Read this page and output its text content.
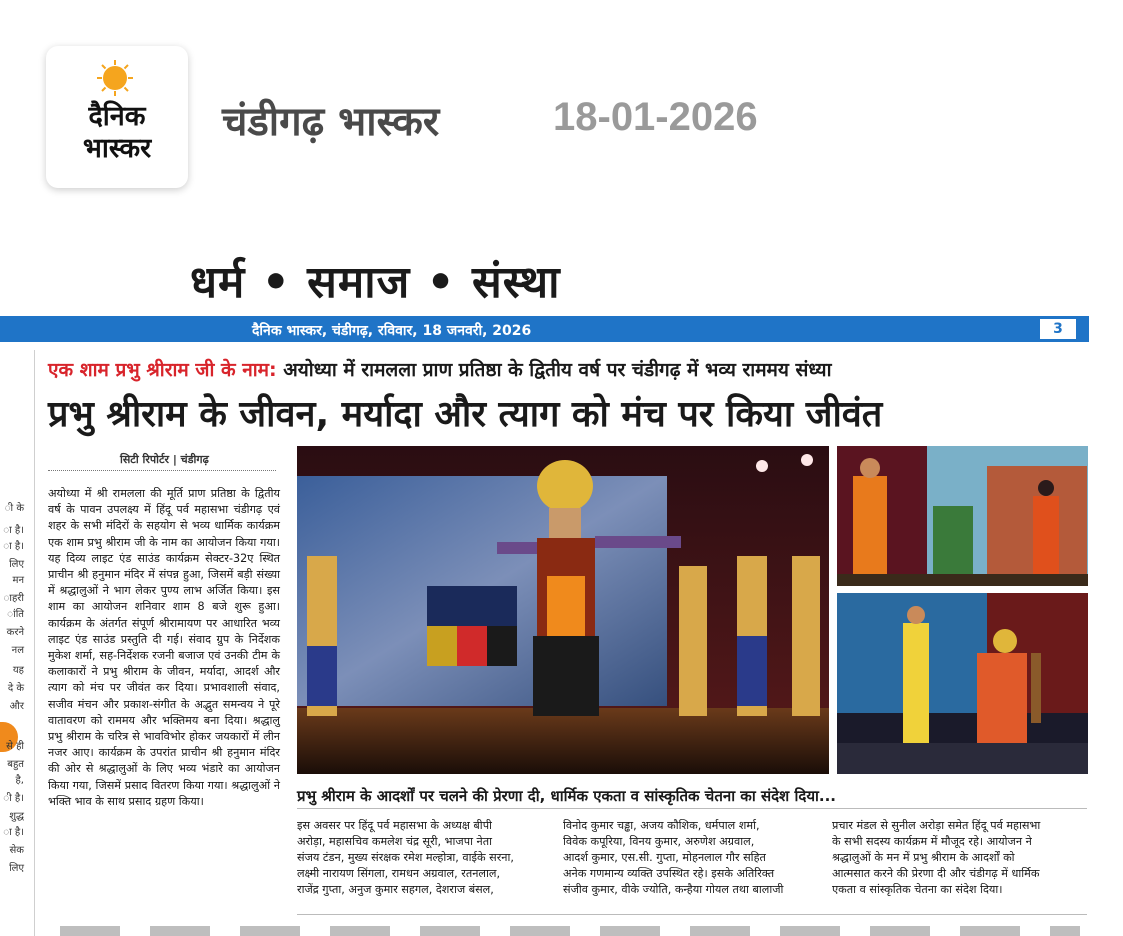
दैनिक
भास्कर
चंडीगढ़ भास्कर	18-01-2026
धर्म • समाज • संस्था
दैनिक भास्कर, चंडीगढ़, रविवार, 18 जनवरी, 2026	3
ी के
ा है।
ा है।
लिए
मन
ाहरी
ांति
करने
नल
यह
दे के
और
से ही
बहुत
है,
ी है।
शुद्ध
ा है।
सेक
लिए
एक शाम प्रभु श्रीराम जी के नाम: अयोध्या में रामलला प्राण प्रतिष्ठा के द्वितीय वर्ष पर चंडीगढ़ में भव्य राममय संध्या
प्रभु श्रीराम के जीवन, मर्यादा और त्याग को मंच पर किया जीवंत
सिटी रिपोर्टर | चंडीगढ़
अयोध्या में श्री रामलला की मूर्ति प्राण प्रतिष्ठा के द्वितीय वर्ष के पावन उपलक्ष्य में हिंदू पर्व महासभा चंडीगढ़ एवं शहर के सभी मंदिरों के सहयोग से भव्य धार्मिक कार्यक्रम एक शाम प्रभु श्रीराम जी के नाम का आयोजन किया गया। यह दिव्य लाइट एंड साउंड कार्यक्रम सेक्टर-32ए स्थित प्राचीन श्री हनुमान मंदिर में संपन्न हुआ, जिसमें बड़ी संख्या में श्रद्धालुओं ने भाग लेकर पुण्य लाभ अर्जित किया। इस शाम का आयोजन शनिवार शाम 8 बजे शुरू हुआ। कार्यक्रम के अंतर्गत संपूर्ण श्रीरामायण पर आधारित भव्य लाइट एंड साउंड प्रस्तुति दी गई। संवाद ग्रुप के निर्देशक मुकेश शर्मा, सह-निर्देशक रजनी बजाज एवं उनकी टीम के कलाकारों ने प्रभु श्रीराम के जीवन, मर्यादा, आदर्श और त्याग को मंच पर जीवंत कर दिया। प्रभावशाली संवाद, सजीव मंचन और प्रकाश-संगीत के अद्भुत समन्वय ने पूरे वातावरण को राममय और भक्तिमय बना दिया। श्रद्धालु प्रभु श्रीराम के चरित्र से भावविभोर होकर जयकारों में लीन नजर आए। कार्यक्रम के उपरांत प्राचीन श्री हनुमान मंदिर की ओर से श्रद्धालुओं के लिए भव्य भंडारे का आयोजन किया गया, जिसमें प्रसाद वितरण किया गया। श्रद्धालुओं ने भक्ति भाव के साथ प्रसाद ग्रहण किया।	प्रभु श्रीराम के आदर्शों पर चलने की प्रेरणा दी, धार्मिक एकता व सांस्कृतिक चेतना का संदेश दिया...
इस अवसर पर हिंदू पर्व महासभा के अध्यक्ष बीपी
अरोड़ा, महासचिव कमलेश चंद्र सूरी, भाजपा नेता
संजय टंडन, मुख्य संरक्षक रमेश मल्होत्रा, वाईके सरना,
लक्ष्मी नारायण सिंगला, रामधन अग्रवाल, रतनलाल,
राजेंद्र गुप्ता, अनुज कुमार सहगल, देशराज बंसल,
विनोद कुमार चड्ढा, अजय कौशिक, धर्मपाल शर्मा,
विवेक कपूरिया, विनय कुमार, अरुणेश अग्रवाल,
आदर्श कुमार, एस.सी. गुप्ता, मोहनलाल गौर सहित
अनेक गणमान्य व्यक्ति उपस्थित रहे। इसके अतिरिक्त
संजीव कुमार, वीके ज्योति, कन्हैया गोयल तथा बालाजी
प्रचार मंडल से सुनील अरोड़ा समेत हिंदू पर्व महासभा
के सभी सदस्य कार्यक्रम में मौजूद रहे। आयोजन ने
श्रद्धालुओं के मन में प्रभु श्रीराम के आदर्शों को
आत्मसात करने की प्रेरणा दी और चंडीगढ़ में धार्मिक
एकता व सांस्कृतिक चेतना का संदेश दिया।
